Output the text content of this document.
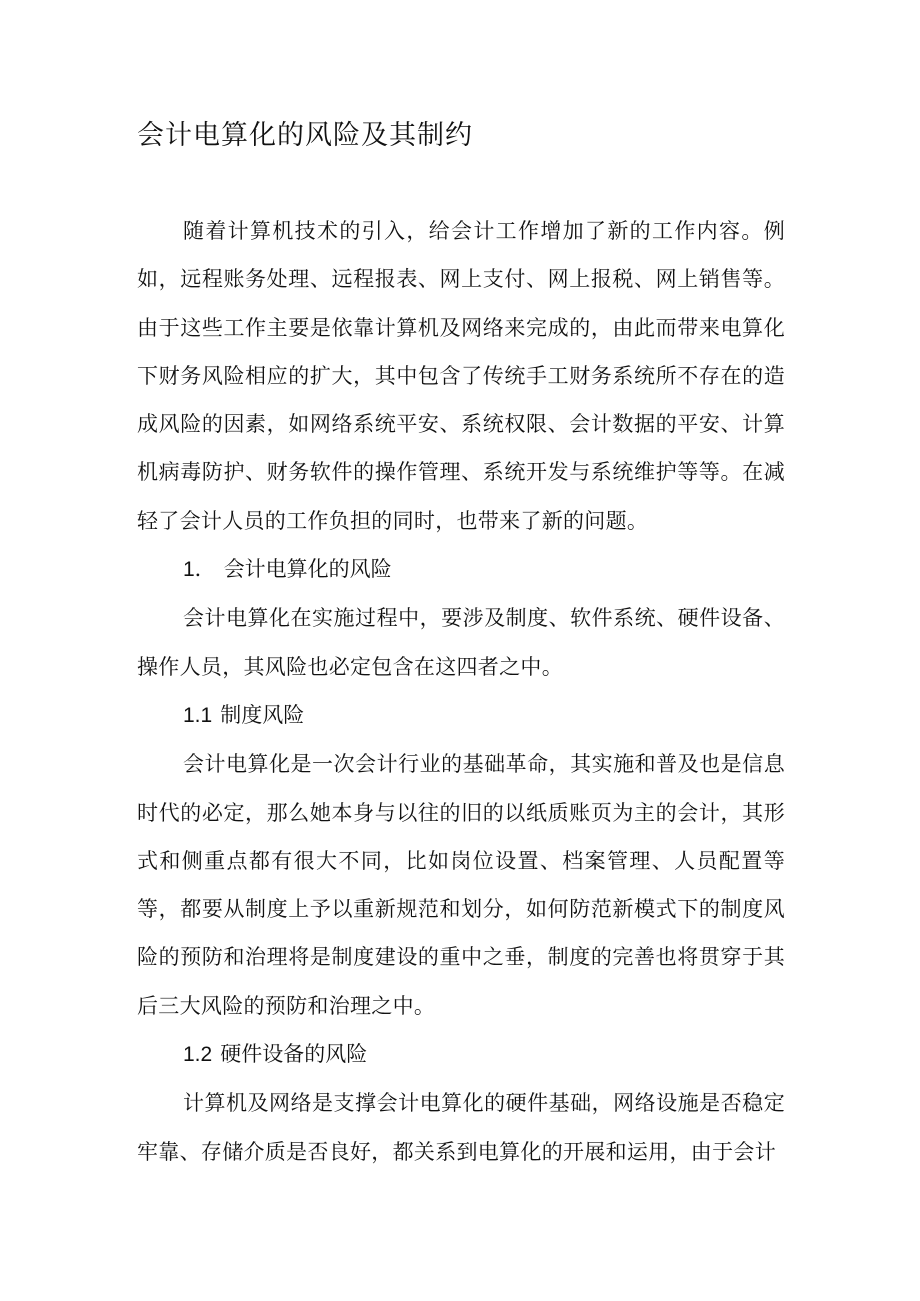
会计电算化的风险及其制约

随着计算机技术的引入，给会计工作增加了新的工作内容。例如，远程账务处理、远程报表、网上支付、网上报税、网上销售等。由于这些工作主要是依靠计算机及网络来完成的，由此而带来电算化下财务风险相应的扩大，其中包含了传统手工财务系统所不存在的造成风险的因素，如网络系统平安、系统权限、会计数据的平安、计算机病毒防护、财务软件的操作管理、系统开发与系统维护等等。在减轻了会计人员的工作负担的同时，也带来了新的问题。

1． 会计电算化的风险

会计电算化在实施过程中，要涉及制度、软件系统、硬件设备、操作人员，其风险也必定包含在这四者之中。

1.1 制度风险

会计电算化是一次会计行业的基础革命，其实施和普及也是信息时代的必定，那么她本身与以往的旧的以纸质账页为主的会计，其形式和侧重点都有很大不同，比如岗位设置、档案管理、人员配置等等，都要从制度上予以重新规范和划分，如何防范新模式下的制度风险的预防和治理将是制度建设的重中之垂，制度的完善也将贯穿于其后三大风险的预防和治理之中。

1.2 硬件设备的风险

计算机及网络是支撑会计电算化的硬件基础，网络设施是否稳定牢靠、存储介质是否良好，都关系到电算化的开展和运用，由于会计
